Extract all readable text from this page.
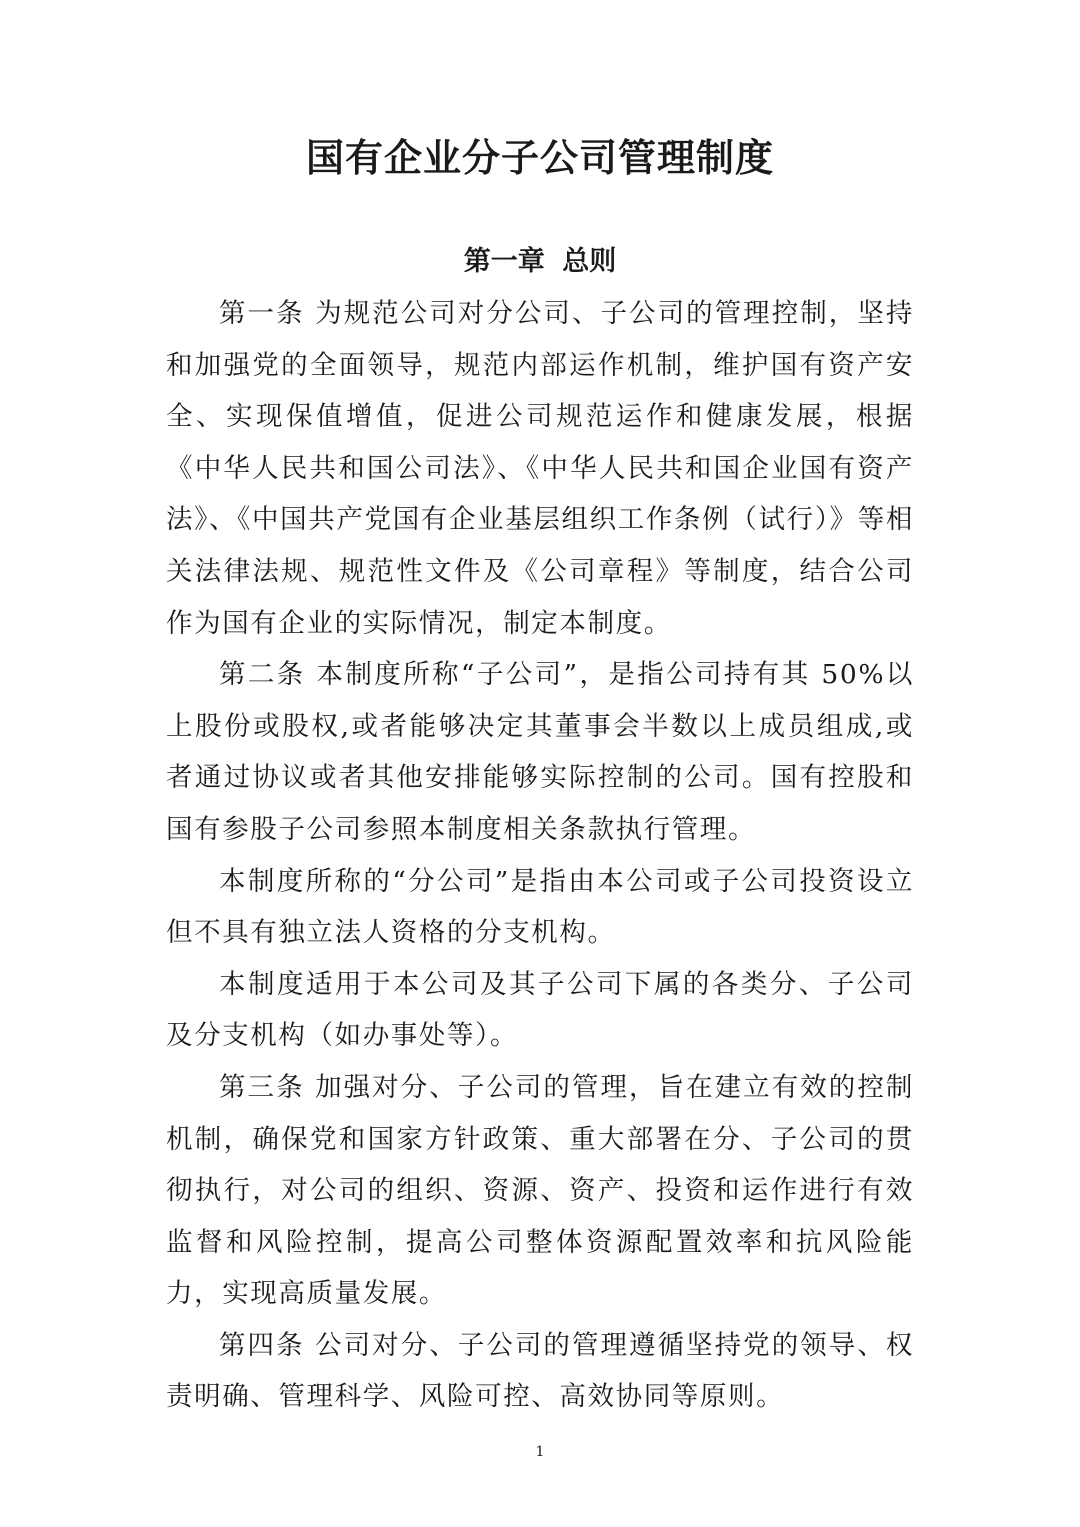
国有企业分子公司管理制度
第一章 总则

第一条 为规范公司对分公司、子公司的管理控制，坚持和加强党的全面领导，规范内部运作机制，维护国有资产安全、实现保值增值，促进公司规范运作和健康发展，根据《中华人民共和国公司法》、《中华人民共和国企业国有资产法》、《中国共产党国有企业基层组织工作条例（试行）》等相关法律法规、规范性文件及《公司章程》等制度，结合公司作为国有企业的实际情况，制定本制度。

第二条 本制度所称“子公司”，是指公司持有其 50%以上股份或股权,或者能够决定其董事会半数以上成员组成,或者通过协议或者其他安排能够实际控制的公司。国有控股和国有参股子公司参照本制度相关条款执行管理。

本制度所称的“分公司”是指由本公司或子公司投资设立但不具有独立法人资格的分支机构。

本制度适用于本公司及其子公司下属的各类分、子公司及分支机构（如办事处等）。

第三条 加强对分、子公司的管理，旨在建立有效的控制机制，确保党和国家方针政策、重大部署在分、子公司的贯彻执行，对公司的组织、资源、资产、投资和运作进行有效监督和风险控制，提高公司整体资源配置效率和抗风险能力，实现高质量发展。

第四条 公司对分、子公司的管理遵循坚持党的领导、权责明确、管理科学、风险可控、高效协同等原则。

1
